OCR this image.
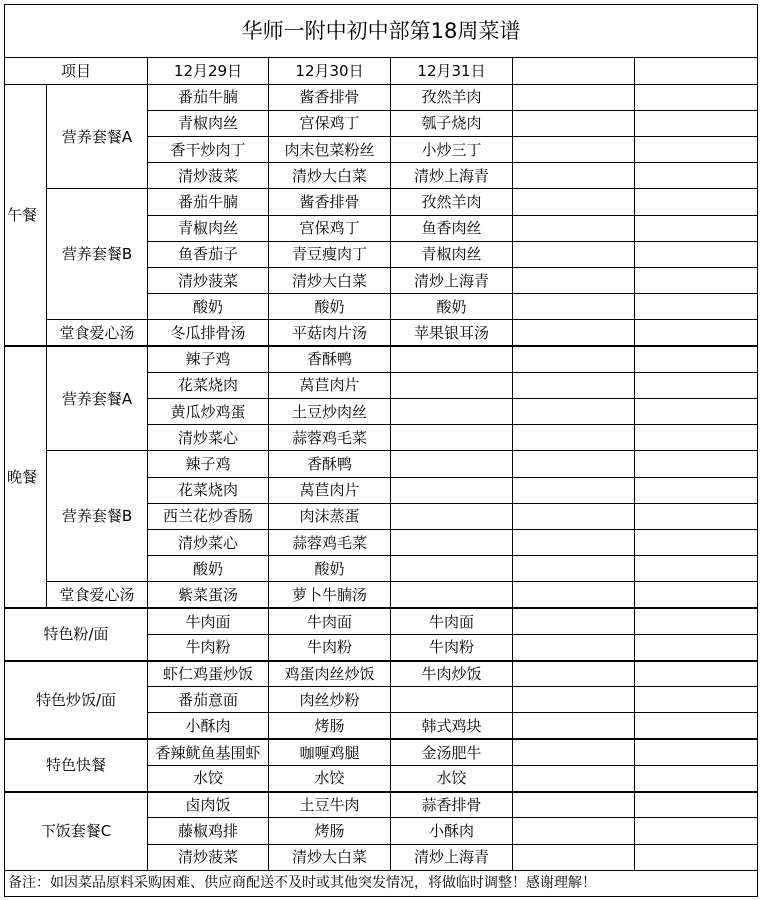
华师一附中初中部第18周菜谱						
项目		12月29日	12月30日	12月31日		
午餐	营养套餐A	番茄牛腩	酱香排骨	孜然羊肉		
		青椒肉丝	宫保鸡丁	瓠子烧肉		
		香干炒肉丁	肉末包菜粉丝	小炒三丁		
		清炒菠菜	清炒大白菜	清炒上海青		
	营养套餐B	番茄牛腩	酱香排骨	孜然羊肉		
		青椒肉丝	宫保鸡丁	鱼香肉丝		
		鱼香茄子	青豆瘦肉丁	青椒肉丝		
		清炒菠菜	清炒大白菜	清炒上海青		
		酸奶	酸奶	酸奶		
	堂食爱心汤	冬瓜排骨汤	平菇肉片汤	苹果银耳汤		
晚餐	营养套餐A	辣子鸡	香酥鸭			
		花菜烧肉	莴苣肉片			
		黄瓜炒鸡蛋	土豆炒肉丝			
		清炒菜心	蒜蓉鸡毛菜			
	营养套餐B	辣子鸡	香酥鸭			
		花菜烧肉	莴苣肉片			
		西兰花炒香肠	肉沫蒸蛋			
		清炒菜心	蒜蓉鸡毛菜			
		酸奶	酸奶			
	堂食爱心汤	紫菜蛋汤	萝卜牛腩汤			
特色粉/面		牛肉面	牛肉面	牛肉面		
		牛肉粉	牛肉粉	牛肉粉		
特色炒饭/面		虾仁鸡蛋炒饭	鸡蛋肉丝炒饭	牛肉炒饭		
		番茄意面	肉丝炒粉			
		小酥肉	烤肠	韩式鸡块		
特色快餐		香辣鱿鱼基围虾	咖喱鸡腿	金汤肥牛		
		水饺	水饺	水饺		
下饭套餐C		卤肉饭	土豆牛肉	蒜香排骨		
		藤椒鸡排	烤肠	小酥肉		
		清炒菠菜	清炒大白菜	清炒上海青		
备注：如因菜品原料采购困难、供应商配送不及时或其他突发情况，将做临时调整！感谢理解！						
